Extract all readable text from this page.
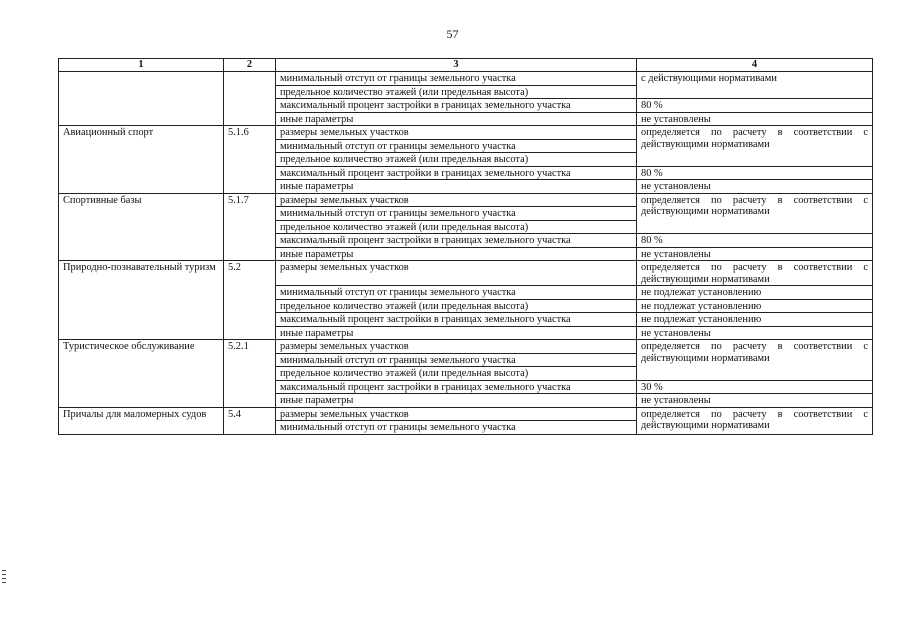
57
1	2	3	4
		минимальный отступ от границы земельного участка	с действующими нормативами
		предельное количество этажей (или предельная высота)	
		максимальный процент застройки в границах земельного участка	80 %
		иные параметры	не установлены
Авиационный спорт	5.1.6	размеры земельных участков	определяется по расчету в соответствии с действующими нормативами
		минимальный отступ от границы земельного участка	
		предельное количество этажей (или предельная высота)	
		максимальный процент застройки в границах земельного участка	80 %
		иные параметры	не установлены
Спортивные базы	5.1.7	размеры земельных участков	определяется по расчету в соответствии с действующими нормативами
		минимальный отступ от границы земельного участка	
		предельное количество этажей (или предельная высота)	
		максимальный процент застройки в границах земельного участка	80 %
		иные параметры	не установлены
Природно-познавательный туризм	5.2	размеры земельных участков	определяется по расчету в соответствии с действующими нормативами
		минимальный отступ от границы земельного участка	не подлежат установлению
		предельное количество этажей (или предельная высота)	не подлежат установлению
		максимальный процент застройки в границах земельного участка	не подлежат установлению
		иные параметры	не установлены
Туристическое обслуживание	5.2.1	размеры земельных участков	определяется по расчету в соответствии с действующими нормативами
		минимальный отступ от границы земельного участка	
		предельное количество этажей (или предельная высота)	
		максимальный процент застройки в границах земельного участка	30 %
		иные параметры	не установлены
Причалы для маломерных судов	5.4	размеры земельных участков	определяется по расчету в соответствии с действующими нормативами
		минимальный отступ от границы земельного участка	
